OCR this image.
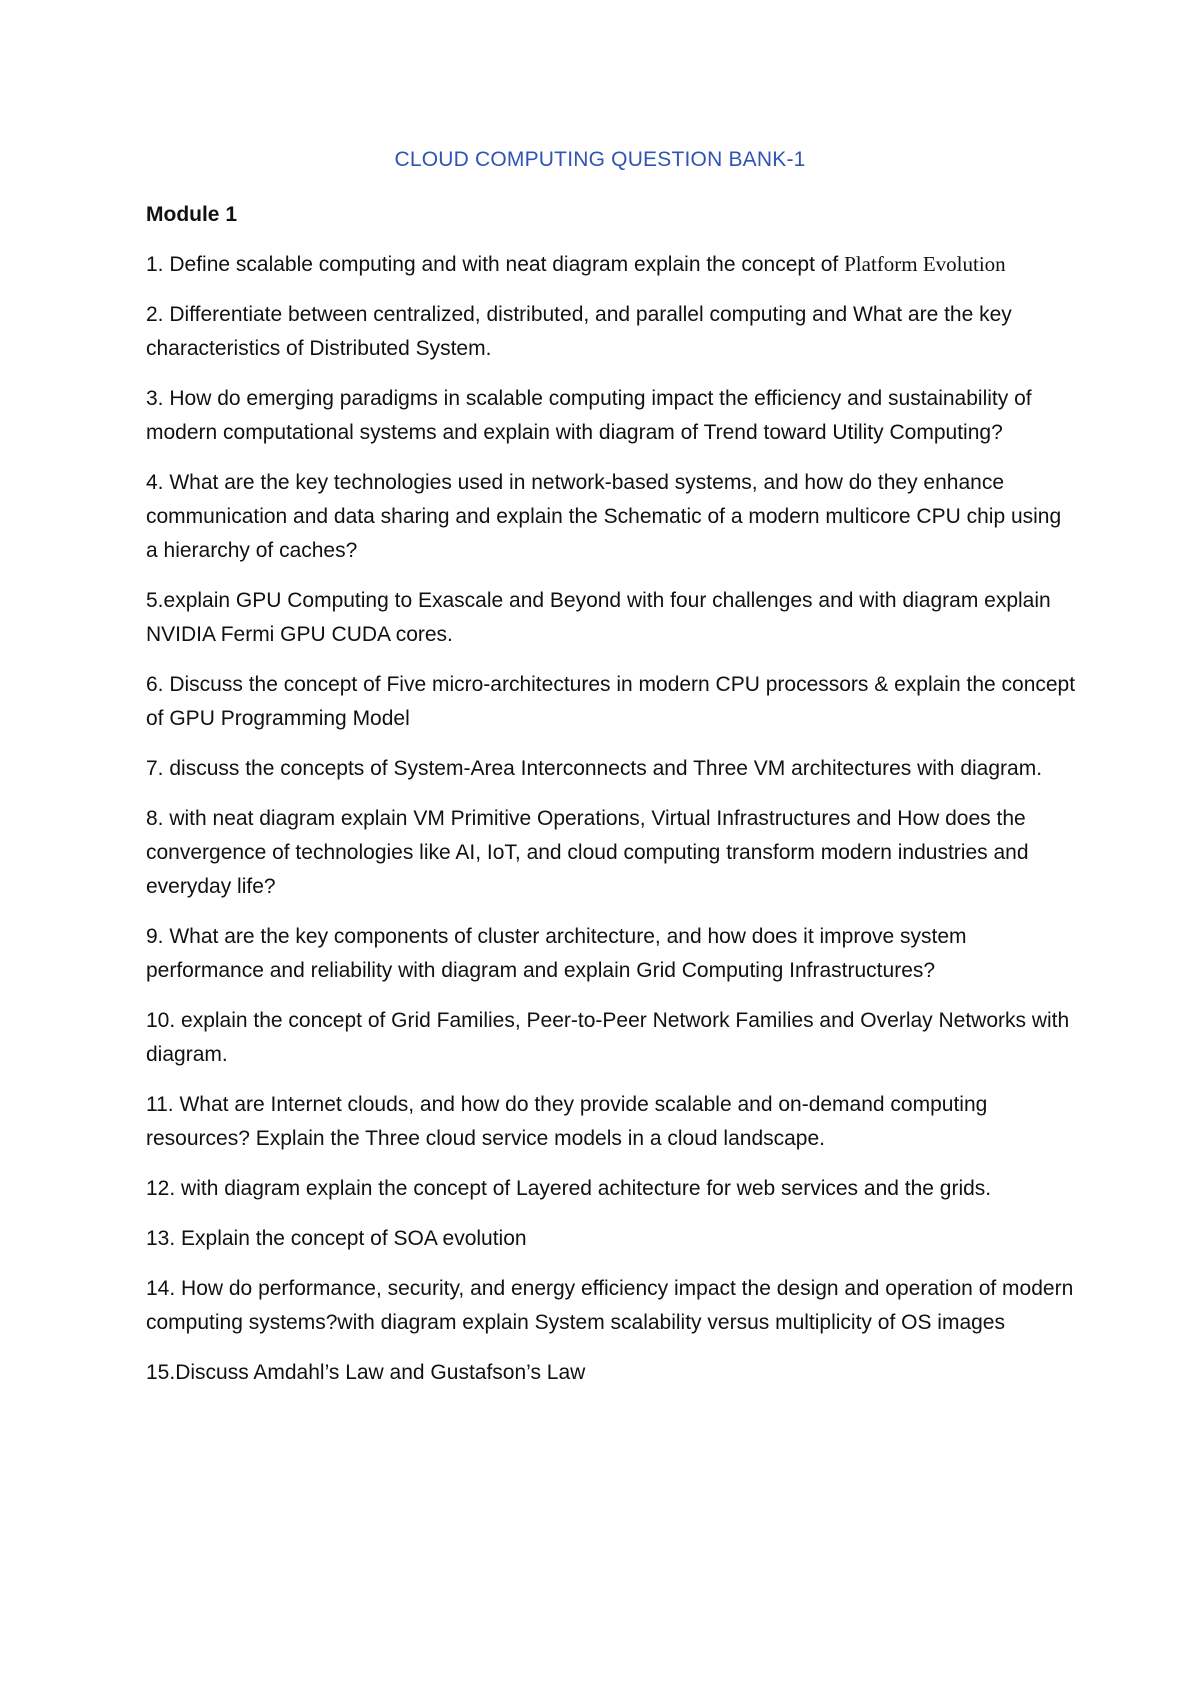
CLOUD COMPUTING QUESTION BANK-1
Module 1
1. Define scalable computing and with neat diagram explain the concept of Platform Evolution
2. Differentiate between centralized, distributed, and parallel computing and What are the key characteristics of Distributed System.
3. How do emerging paradigms in scalable computing impact the efficiency and sustainability of modern computational systems and explain with diagram of Trend toward Utility Computing?
4. What are the key technologies used in network-based systems, and how do they enhance communication and data sharing and explain the Schematic of a modern multicore CPU chip using a hierarchy of caches?
5.explain GPU Computing to Exascale and Beyond with four challenges and with diagram explain NVIDIA Fermi GPU CUDA cores.
6. Discuss the concept of Five micro-architectures in modern CPU processors & explain the concept of GPU Programming Model
7. discuss the concepts of System-Area Interconnects and Three VM architectures with diagram.
8. with neat diagram explain VM Primitive Operations, Virtual Infrastructures and How does the convergence of technologies like AI, IoT, and cloud computing transform modern industries and everyday life?
9. What are the key components of cluster architecture, and how does it improve system performance and reliability with diagram and explain Grid Computing Infrastructures?
10. explain the concept of Grid Families, Peer-to-Peer Network Families and Overlay Networks with diagram.
11. What are Internet clouds, and how do they provide scalable and on-demand computing resources? Explain the Three cloud service models in a cloud landscape.
12. with diagram explain the concept of Layered achitecture for web services and the grids.
13. Explain the concept of SOA evolution
14. How do performance, security, and energy efficiency impact the design and operation of modern computing systems?with diagram explain System scalability versus multiplicity of OS images
15.Discuss Amdahl’s Law and Gustafson’s Law
